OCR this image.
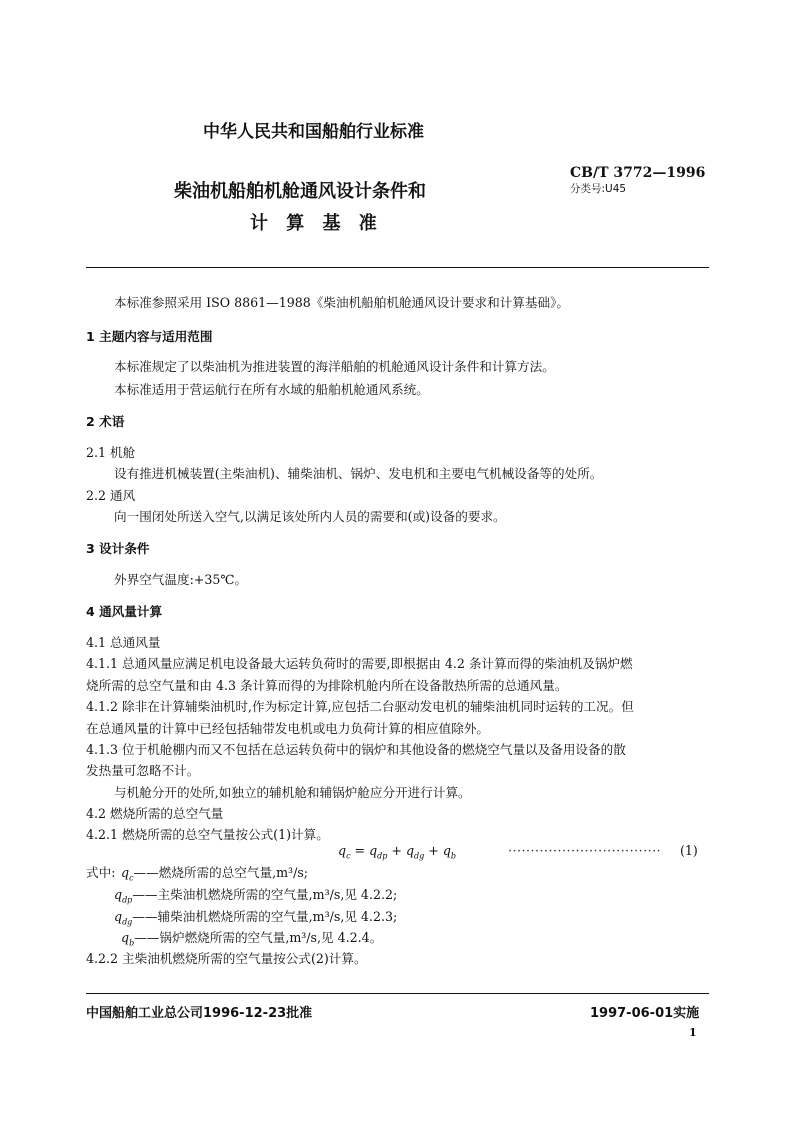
中华人民共和国船舶行业标准
柴油机船舶机舱通风设计条件和
计 算 基 准
CB/T 3772—1996
分类号:U45
本标准参照采用 ISO 8861—1988《柴油机船舶机舱通风设计要求和计算基础》。
1 主题内容与适用范围
本标准规定了以柴油机为推进装置的海洋船舶的机舱通风设计条件和计算方法。
本标准适用于营运航行在所有水域的船舶机舱通风系统。
2 术语
2.1 机舱
设有推进机械装置(主柴油机)、辅柴油机、锅炉、发电机和主要电气机械设备等的处所。
2.2 通风
向一围闭处所送入空气,以满足该处所内人员的需要和(或)设备的要求。
3 设计条件
外界空气温度:+35℃。
4 通风量计算
4.1 总通风量
4.1.1 总通风量应满足机电设备最大运转负荷时的需要,即根据由 4.2 条计算而得的柴油机及锅炉燃
烧所需的总空气量和由 4.3 条计算而得的为排除机舱内所在设备散热所需的总通风量。
4.1.2 除非在计算辅柴油机时,作为标定计算,应包括二台驱动发电机的辅柴油机同时运转的工况。但
在总通风量的计算中已经包括轴带发电机或电力负荷计算的相应值除外。
4.1.3 位于机舱棚内而又不包括在总运转负荷中的锅炉和其他设备的燃烧空气量以及备用设备的散
发热量可忽略不计。
与机舱分开的处所,如独立的辅机舱和辅锅炉舱应分开进行计算。
4.2 燃烧所需的总空气量
4.2.1 燃烧所需的总空气量按公式(1)计算。
$q_c = q_{dp} + q_{dg} + q_b$	·································· (1)
式中: $q_c——$燃烧所需的总空气量,m³/s;
$q_{dp}——$主柴油机燃烧所需的空气量,m³/s,见 4.2.2;
$q_{dg}——$辅柴油机燃烧所需的空气量,m³/s,见 4.2.3;
$q_b——$锅炉燃烧所需的空气量,m³/s,见 4.2.4。
4.2.2 主柴油机燃烧所需的空气量按公式(2)计算。
中国船舶工业总公司1996-12-23批准	1997-06-01实施
1
